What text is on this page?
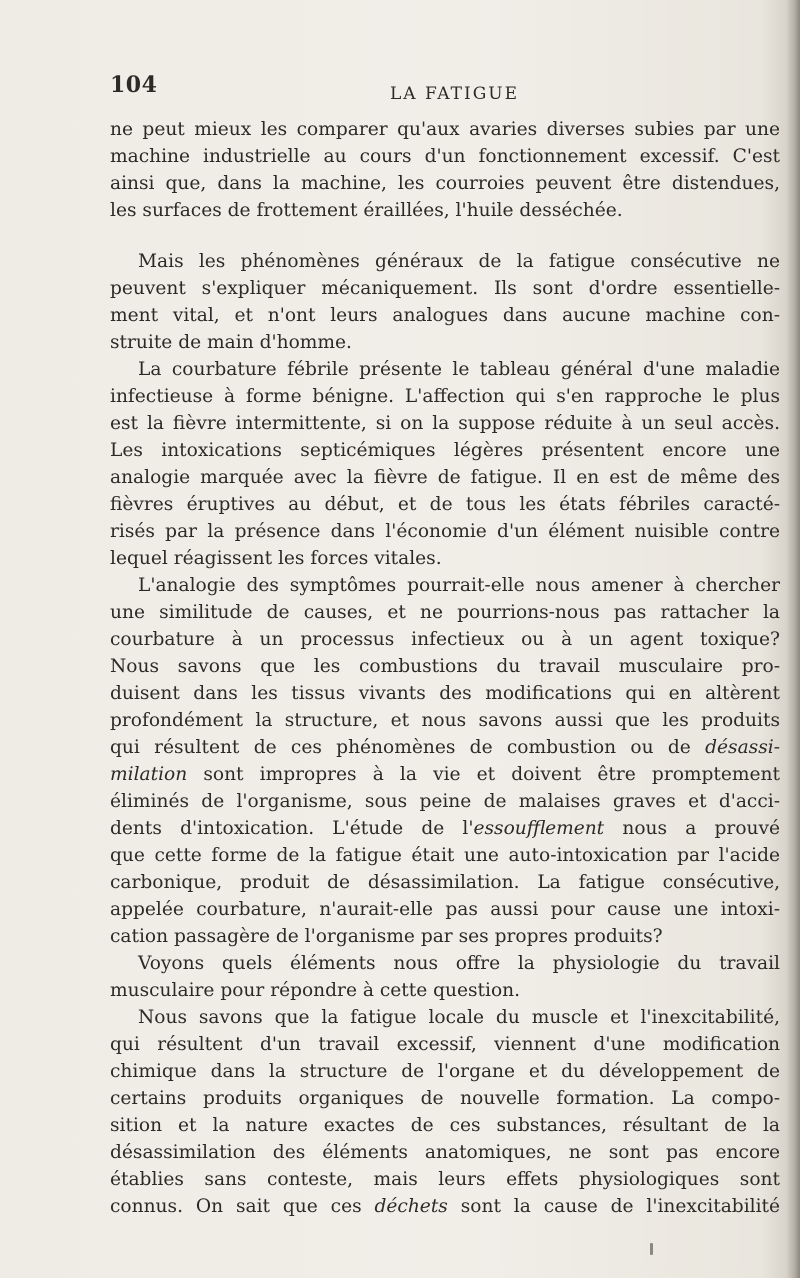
104	LA FATIGUE
ne peut mieux les comparer qu'aux avaries diverses subies par une
machine industrielle au cours d'un fonctionnement excessif. C'est
ainsi que, dans la machine, les courroies peuvent être distendues,
les surfaces de frottement éraillées, l'huile desséchée.
Mais les phénomènes généraux de la fatigue consécutive ne
peuvent s'expliquer mécaniquement. Ils sont d'ordre essentielle-
ment vital, et n'ont leurs analogues dans aucune machine con-
struite de main d'homme.
La courbature fébrile présente le tableau général d'une maladie
infectieuse à forme bénigne. L'affection qui s'en rapproche le plus
est la fièvre intermittente, si on la suppose réduite à un seul accès.
Les intoxications septicémiques légères présentent encore une
analogie marquée avec la fièvre de fatigue. Il en est de même des
fièvres éruptives au début, et de tous les états fébriles caracté-
risés par la présence dans l'économie d'un élément nuisible contre
lequel réagissent les forces vitales.
L'analogie des symptômes pourrait-elle nous amener à chercher
une similitude de causes, et ne pourrions-nous pas rattacher la
courbature à un processus infectieux ou à un agent toxique?
Nous savons que les combustions du travail musculaire pro-
duisent dans les tissus vivants des modifications qui en altèrent
profondément la structure, et nous savons aussi que les produits
qui résultent de ces phénomènes de combustion ou de désassi-
milation sont impropres à la vie et doivent être promptement
éliminés de l'organisme, sous peine de malaises graves et d'acci-
dents d'intoxication. L'étude de l'essoufflement nous a prouvé
que cette forme de la fatigue était une auto-intoxication par l'acide
carbonique, produit de désassimilation. La fatigue consécutive,
appelée courbature, n'aurait-elle pas aussi pour cause une intoxi-
cation passagère de l'organisme par ses propres produits?
Voyons quels éléments nous offre la physiologie du travail
musculaire pour répondre à cette question.
Nous savons que la fatigue locale du muscle et l'inexcitabilité,
qui résultent d'un travail excessif, viennent d'une modification
chimique dans la structure de l'organe et du développement de
certains produits organiques de nouvelle formation. La compo-
sition et la nature exactes de ces substances, résultant de la
désassimilation des éléments anatomiques, ne sont pas encore
établies sans conteste, mais leurs effets physiologiques sont
connus. On sait que ces déchets sont la cause de l'inexcitabilité
